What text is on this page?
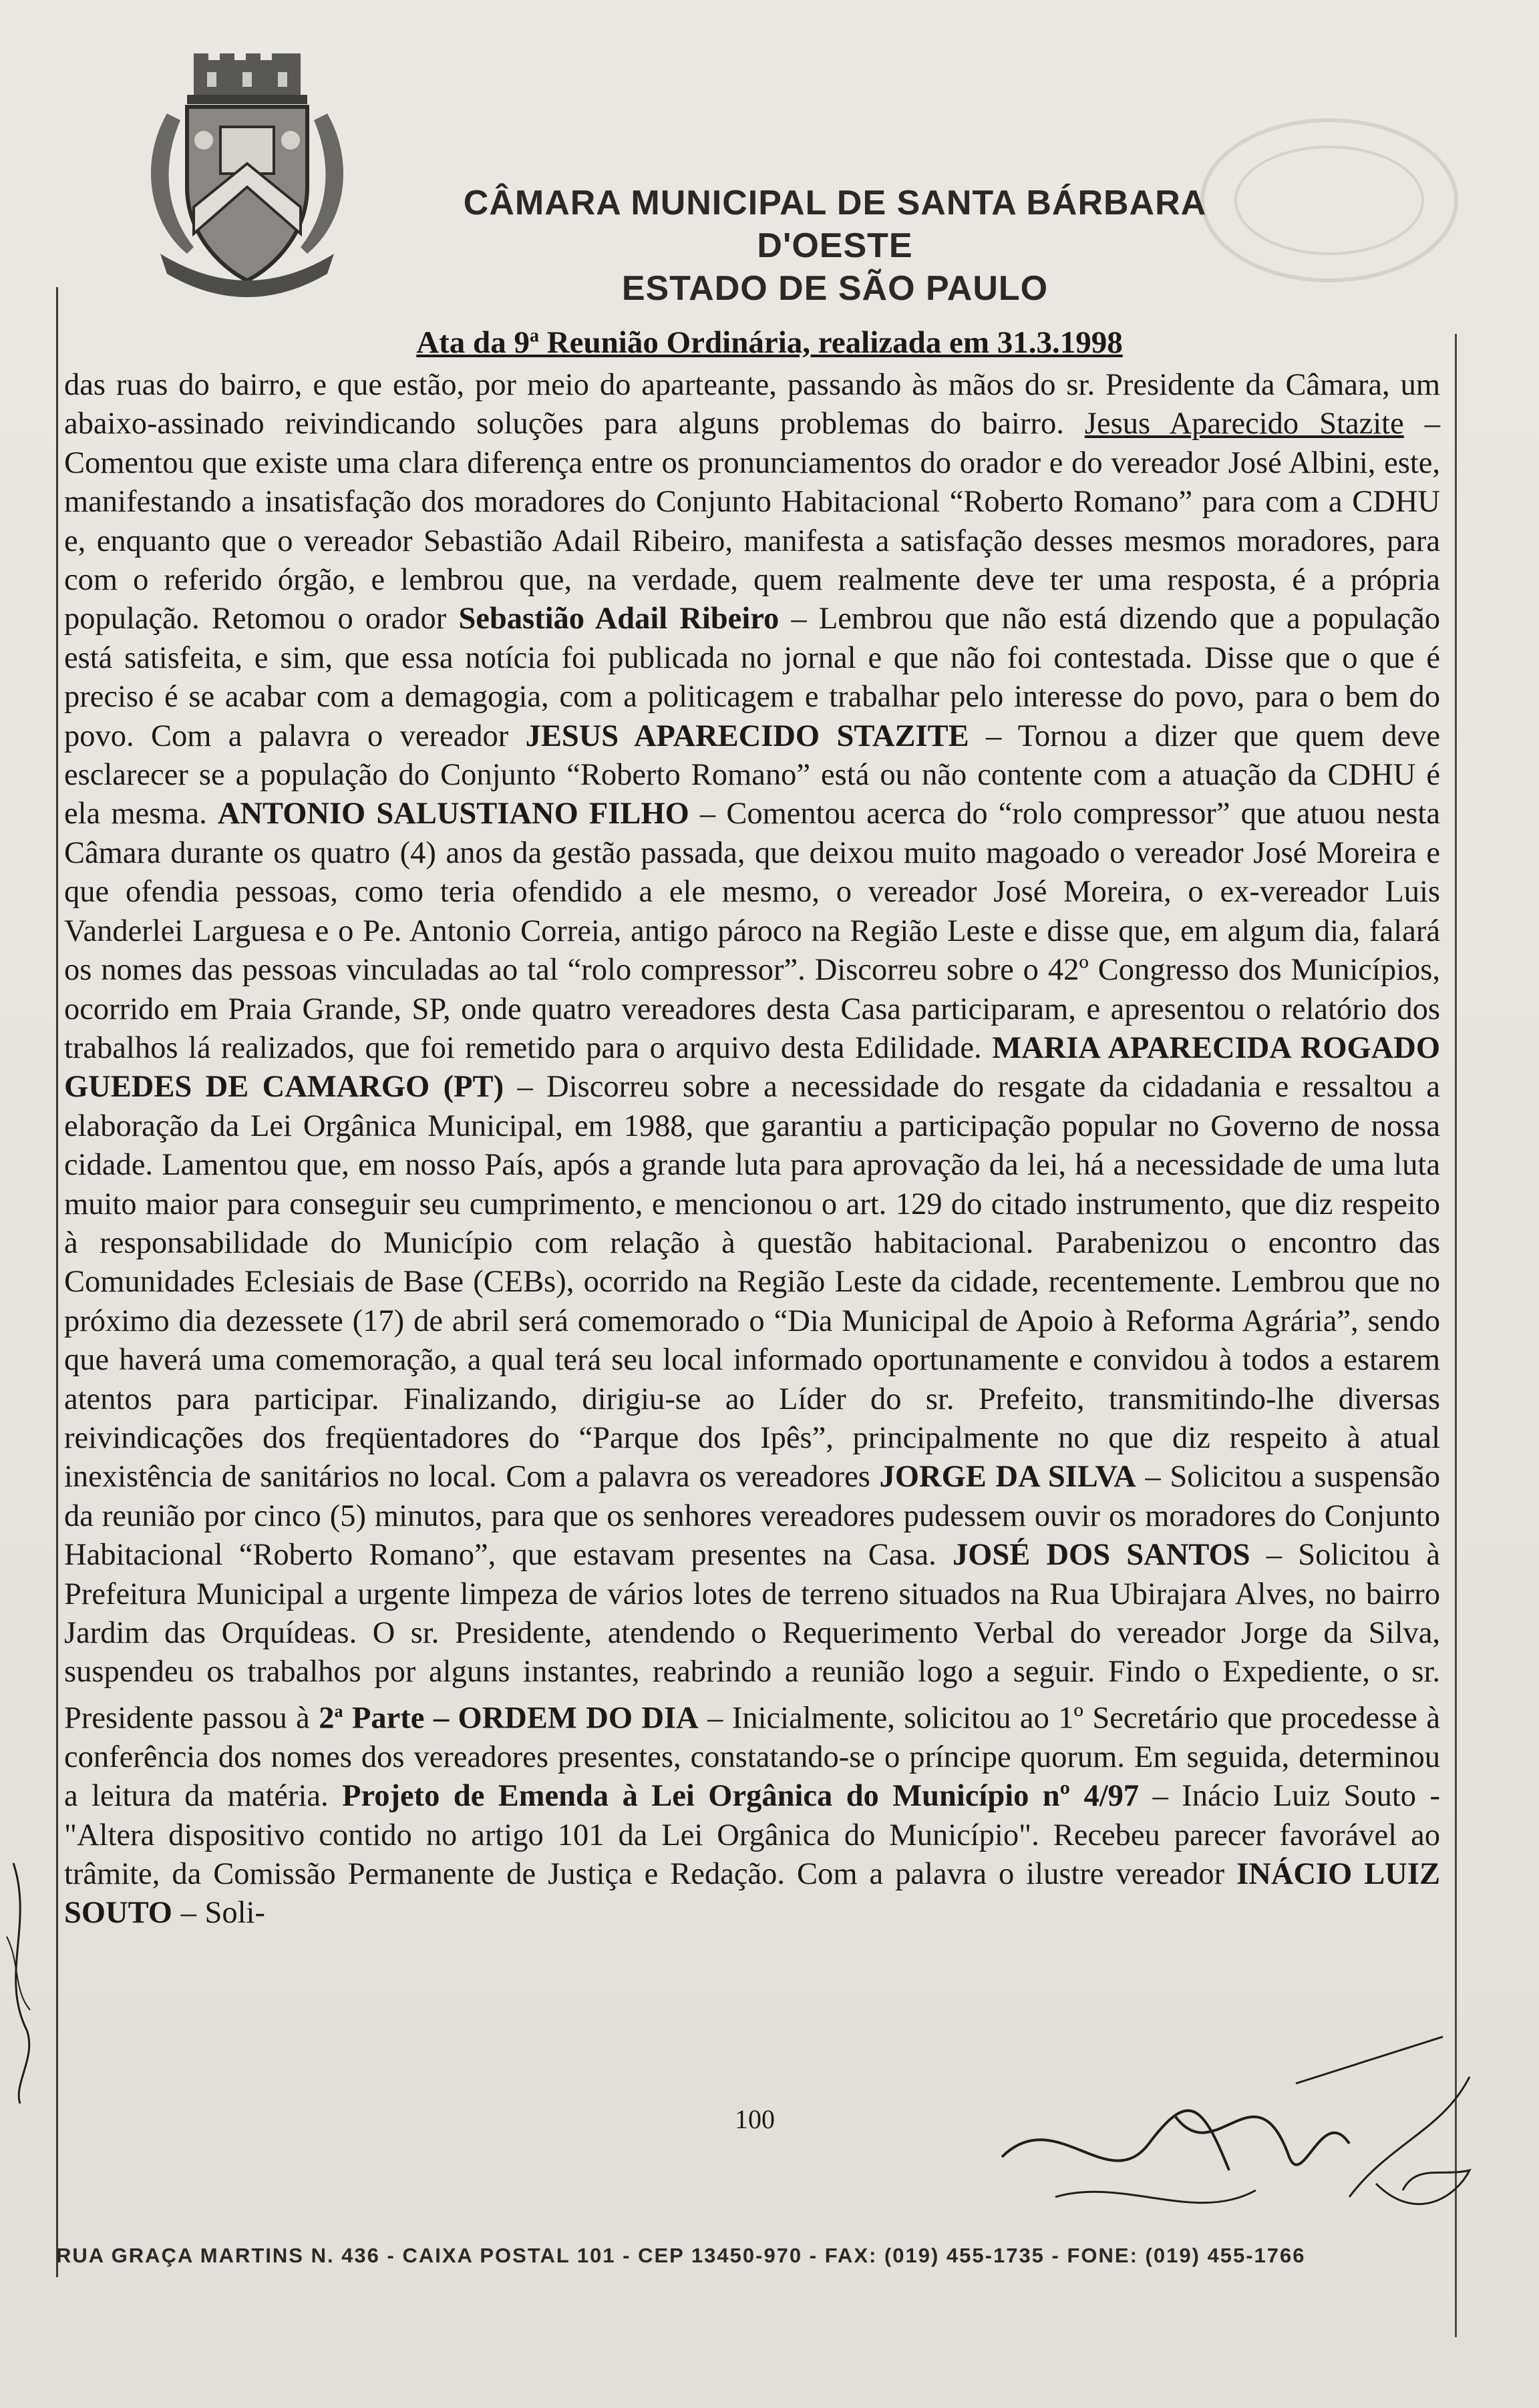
CÂMARA MUNICIPAL DE SANTA BÁRBARA D'OESTE
ESTADO DE SÃO PAULO
Ata da 9$^a$ Reunião Ordinária, realizada em 31.3.1998
das ruas do bairro, e que estão, por meio do aparteante, passando às mãos do sr. Presidente da Câmara, um abaixo-assinado reivindicando soluções para alguns problemas do bairro. Jesus Aparecido Stazite – Comentou que existe uma clara diferença entre os pronunciamentos do orador e do vereador José Albini, este, manifestando a insatisfação dos moradores do Conjunto Habitacional “Roberto Romano” para com a CDHU e, enquanto que o vereador Sebastião Adail Ribeiro, manifesta a satisfação desses mesmos moradores, para com o referido órgão, e lembrou que, na verdade, quem realmente deve ter uma resposta, é a própria população. Retomou o orador Sebastião Adail Ribeiro – Lembrou que não está dizendo que a população está satisfeita, e sim, que essa notícia foi publicada no jornal e que não foi contestada. Disse que o que é preciso é se acabar com a demagogia, com a politicagem e trabalhar pelo interesse do povo, para o bem do povo. Com a palavra o vereador JESUS APARECIDO STAZITE – Tornou a dizer que quem deve esclarecer se a população do Conjunto “Roberto Romano” está ou não contente com a atuação da CDHU é ela mesma. ANTONIO SALUSTIANO FILHO – Comentou acerca do “rolo compressor” que atuou nesta Câmara durante os quatro (4) anos da gestão passada, que deixou muito magoado o vereador José Moreira e que ofendia pessoas, como teria ofendido a ele mesmo, o vereador José Moreira, o ex-vereador Luis Vanderlei Larguesa e o Pe. Antonio Correia, antigo pároco na Região Leste e disse que, em algum dia, falará os nomes das pessoas vinculadas ao tal “rolo compressor”. Discorreu sobre o 42º Congresso dos Municípios, ocorrido em Praia Grande, SP, onde quatro vereadores desta Casa participaram, e apresentou o relatório dos trabalhos lá realizados, que foi remetido para o arquivo desta Edilidade. MARIA APARECIDA ROGADO GUEDES DE CAMARGO (PT) – Discorreu sobre a necessidade do resgate da cidadania e ressaltou a elaboração da Lei Orgânica Municipal, em 1988, que garantiu a participação popular no Governo de nossa cidade. Lamentou que, em nosso País, após a grande luta para aprovação da lei, há a necessidade de uma luta muito maior para conseguir seu cumprimento, e mencionou o art. 129 do citado instrumento, que diz respeito à responsabilidade do Município com relação à questão habitacional. Parabenizou o encontro das Comunidades Eclesiais de Base (CEBs), ocorrido na Região Leste da cidade, recentemente. Lembrou que no próximo dia dezessete (17) de abril será comemorado o “Dia Municipal de Apoio à Reforma Agrária”, sendo que haverá uma comemoração, a qual terá seu local informado oportunamente e convidou à todos a estarem atentos para participar. Finalizando, dirigiu-se ao Líder do sr. Prefeito, transmitindo-lhe diversas reivindicações dos freqüentadores do “Parque dos Ipês”, principalmente no que diz respeito à atual inexistência de sanitários no local. Com a palavra os vereadores JORGE DA SILVA – Solicitou a suspensão da reunião por cinco (5) minutos, para que os senhores vereadores pudessem ouvir os moradores do Conjunto Habitacional “Roberto Romano”, que estavam presentes na Casa. JOSÉ DOS SANTOS – Solicitou à Prefeitura Municipal a urgente limpeza de vários lotes de terreno situados na Rua Ubirajara Alves, no bairro Jardim das Orquídeas. O sr. Presidente, atendendo o Requerimento Verbal do vereador Jorge da Silva, suspendeu os trabalhos por alguns instantes, reabrindo a reunião logo a seguir. Findo o Expediente, o sr. Presidente passou à 2$^a$ Parte – ORDEM DO DIA – Inicialmente, solicitou ao 1º Secretário que procedesse à conferência dos nomes dos vereadores presentes, constatando-se o príncipe quorum. Em seguida, determinou a leitura da matéria. Projeto de Emenda à Lei Orgânica do Município nº 4/97 – Inácio Luiz Souto - "Altera dispositivo contido no artigo 101 da Lei Orgânica do Município". Recebeu parecer favorável ao trâmite, da Comissão Permanente de Justiça e Redação. Com a palavra o ilustre vereador INÁCIO LUIZ SOUTO – Soli-
100
RUA GRAÇA MARTINS N. 436 - CAIXA POSTAL 101 - CEP 13450-970 - FAX: (019) 455-1735 - FONE: (019) 455-1766
